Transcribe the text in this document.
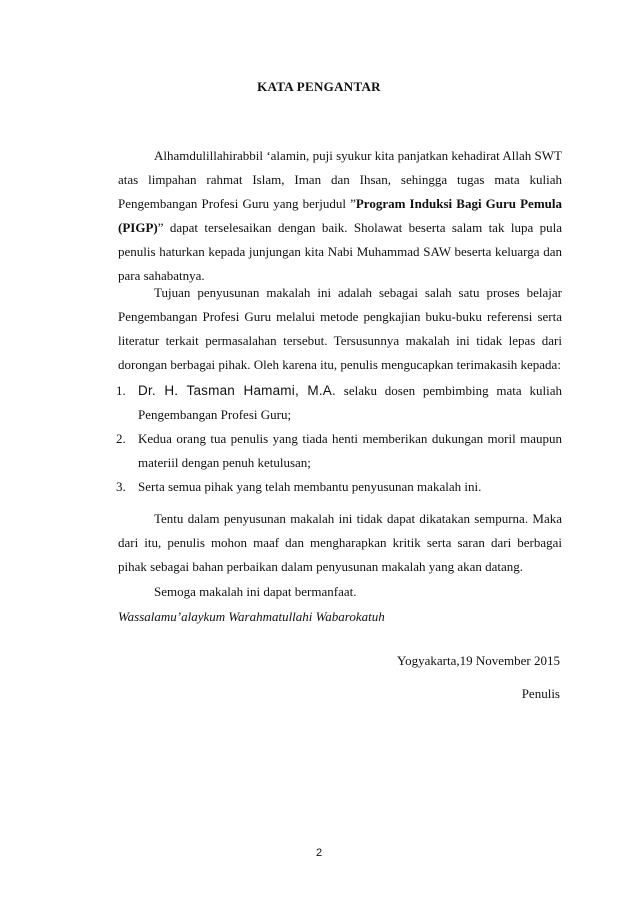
KATA PENGANTAR

Alhamdulillahirabbil ‘alamin, puji syukur kita panjatkan kehadirat Allah SWT atas limpahan rahmat Islam, Iman dan Ihsan, sehingga tugas mata kuliah Pengembangan Profesi Guru yang berjudul ”Program Induksi Bagi Guru Pemula (PIGP)” dapat terselesaikan dengan baik. Sholawat beserta salam tak lupa pula penulis haturkan kepada junjungan kita Nabi Muhammad SAW beserta keluarga dan para sahabatnya.

Tujuan penyusunan makalah ini adalah sebagai salah satu proses belajar Pengembangan Profesi Guru melalui metode pengkajian buku-buku referensi serta literatur terkait permasalahan tersebut. Tersusunnya makalah ini tidak lepas dari dorongan berbagai pihak. Oleh karena itu, penulis mengucapkan terimakasih kepada:

1. Dr. H. Tasman Hamami, M.A. selaku dosen pembimbing mata kuliah Pengembangan Profesi Guru;
2. Kedua orang tua penulis yang tiada henti memberikan dukungan moril maupun materiil dengan penuh ketulusan;
3. Serta semua pihak yang telah membantu penyusunan makalah ini.

Tentu dalam penyusunan makalah ini tidak dapat dikatakan sempurna. Maka dari itu, penulis mohon maaf dan mengharapkan kritik serta saran dari berbagai pihak sebagai bahan perbaikan dalam penyusunan makalah yang akan datang.

Semoga makalah ini dapat bermanfaat.

Wassalamu’alaykum Warahmatullahi Wabarokatuh
Yogyakarta,19 November 2015
Penulis
2
